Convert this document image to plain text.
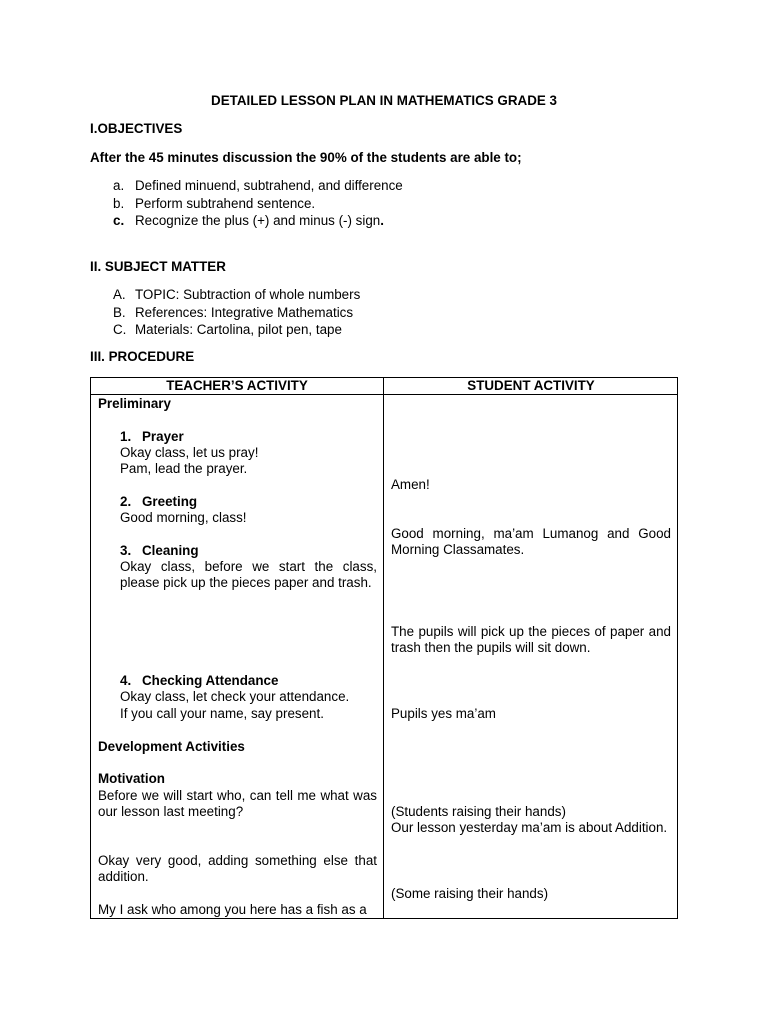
DETAILED LESSON PLAN IN MATHEMATICS GRADE 3
I.OBJECTIVES
After the 45 minutes discussion the 90% of the students are able to;
a. Defined minuend, subtrahend, and difference
b. Perform subtrahend sentence.
c. Recognize the plus (+) and minus (-) sign.
II. SUBJECT MATTER
A. TOPIC: Subtraction of whole numbers
B. References: Integrative Mathematics
C. Materials: Cartolina, pilot pen, tape
III. PROCEDURE
TEACHER’S ACTIVITY	STUDENT ACTIVITY
Preliminary
1. Prayer
Okay class, let us pray!
Pam, lead the prayer.
2. Greeting
Good morning, class!
3. Cleaning
Okay class, before we start the class, please pick up the pieces paper and trash.
4. Checking Attendance
Okay class, let check your attendance.
If you call your name, say present.
Development Activities
Motivation
Before we will start who, can tell me what was our lesson last meeting?
Okay very good, adding something else that addition.
My I ask who among you here has a fish as a
Amen!
Good morning, ma’am Lumanog and Good Morning Classamates.
The pupils will pick up the pieces of paper and trash then the pupils will sit down.
Pupils yes ma’am
(Students raising their hands)
Our lesson yesterday ma’am is about Addition.
(Some raising their hands)
